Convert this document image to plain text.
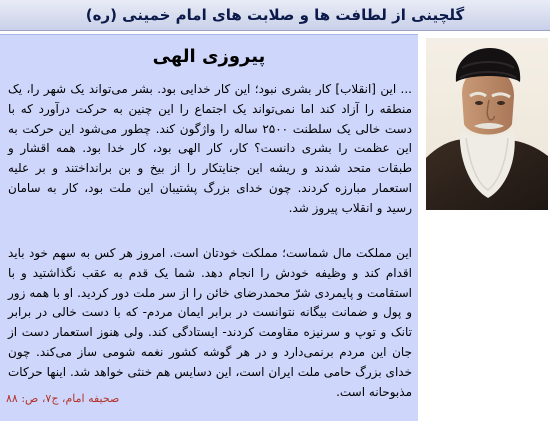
گلچینی از لطافت ها و صلابت های امام خمینی (ره)
پیروزی الهی
... این [انقلاب] کار بشری نبود؛ این کار خدایی بود. بشر می‌تواند یک شهر را، یک منطقه را آزاد کند اما نمی‌تواند یک اجتماع را این چنین به حرکت درآورد که با دست خالی یک سلطنت ۲۵۰۰ ساله را واژگون کند. چطور می‌شود این حرکت به این عظمت را بشری دانست؟ کار، کار الهی بود، کار خدا بود. همه اقشار و طبقات متحد شدند و ریشه این جنایتکار را از بیخ و بن برانداختند و بر علیه استعمار مبارزه کردند. چون خدای بزرگ پشتیبان این ملت بود، کار به سامان رسید و انقلاب پیروز شد.
این مملکت مال شماست؛ مملکت خودتان است. امروز هر کس به سهم خود باید اقدام کند و وظیفه خودش را انجام دهد. شما یک قدم به عقب نگذاشتید و با استقامت و پایمردی شرّ محمدرضای خائن را از سر ملت دور کردید. او با همه زور و پول و ضمانت بیگانه نتوانست در برابر ایمان مردم- که با دست خالی در برابر تانک و توپ و سرنیزه مقاومت کردند- ایستادگی کند. ولی هنوز استعمار دست از جان این مردم برنمی‌دارد و در هر گوشه کشور نغمه شومی ساز می‌کند. چون خدای بزرگ حامی ملت ایران است، این دسایس هم خنثی خواهد شد. اینها حرکات مذبوحانه است.
صحیفه امام، ج۷، ص: ۸۸
